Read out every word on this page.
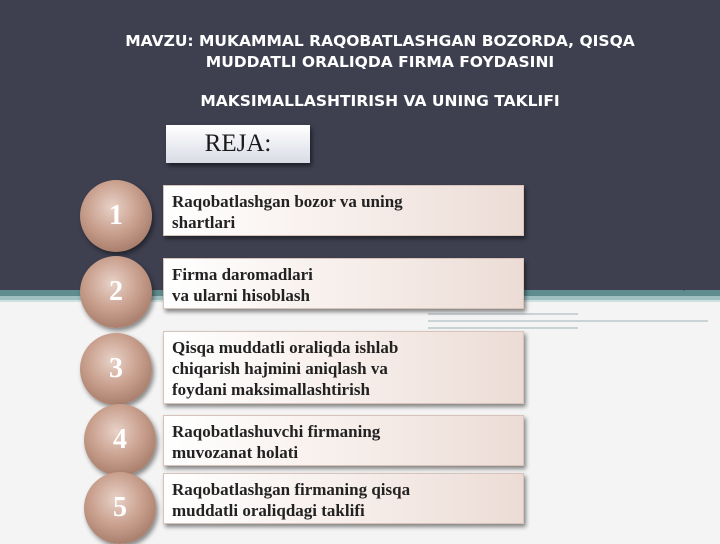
MAVZU: MUKAMMAL RAQOBATLASHGAN BOZORDA, QISQA

MUDDATLI ORALIQDA FIRMA FOYDASINI

MAKSIMALLASHTIRISH VA UNING TAKLIFI

REJA:
1	Raqobatlashgan bozor va uning
shartlari
2
Firma daromadlari
va ularni hisoblash
3
Qisqa muddatli oraliqda ishlab
chiqarish hajmini aniqlash va
foydani maksimallashtirish
4	Raqobatlashuvchi firmaning
muvozanat holati
5
Raqobatlashgan firmaning qisqa
muddatli oraliqdagi taklifi
